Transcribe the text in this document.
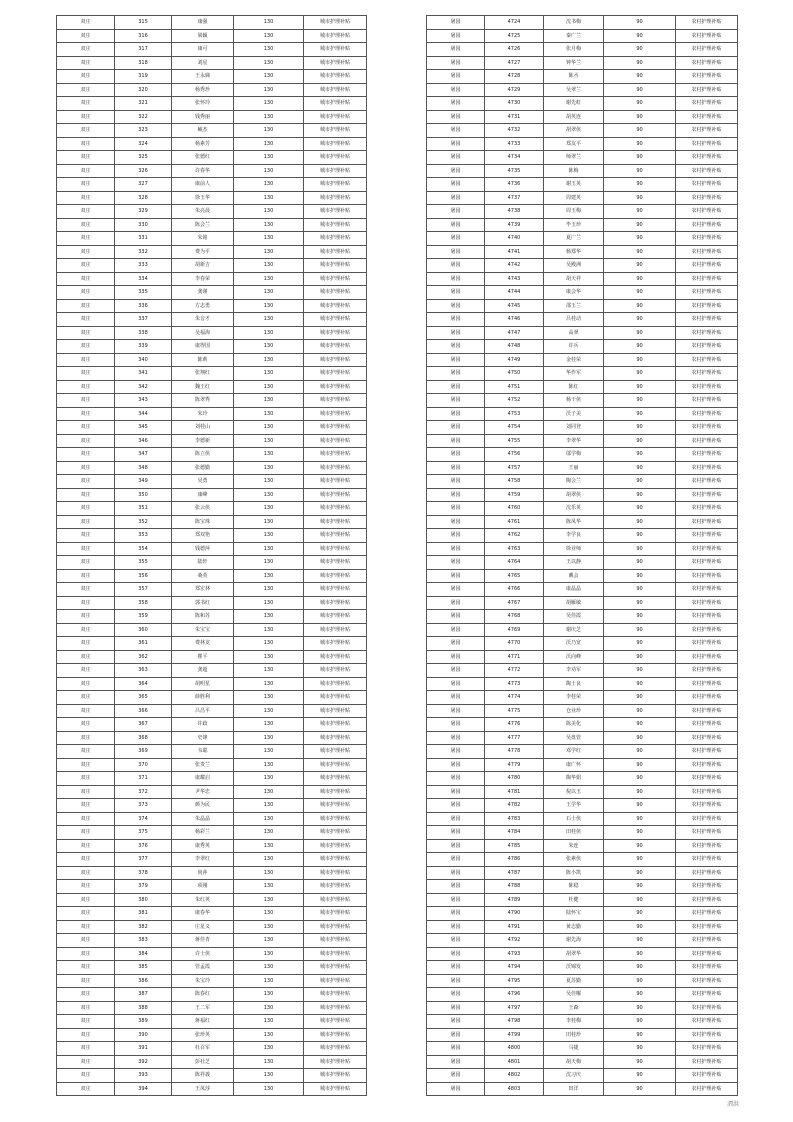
双庄	315	康强	130	城市护理补贴
双庄	316	梁颖	130	城市护理补贴
双庄	317	康可	130	城市护理补贴
双庄	318	刘星	130	城市护理补贴
双庄	319	王永娣	130	城市护理补贴
双庄	320	杨秀珍	130	城市护理补贴
双庄	321	张怀玲	130	城市护理补贴
双庄	322	钱秀丽	130	城市护理补贴
双庄	323	臧杰	130	城市护理补贴
双庄	324	杨素芳	130	城市护理补贴
双庄	325	张德红	130	城市护理补贴
双庄	326	许春华	130	城市护理补贴
双庄	327	康前人	130	城市护理补贴
双庄	328	徐玉华	130	城市护理补贴
双庄	329	朱亮晨	130	城市护理补贴
双庄	330	陈会兰	130	城市护理补贴
双庄	331	朱铭	130	城市护理补贴
双庄	332	费为平	130	城市护理补贴
双庄	333	胡新吉	130	城市护理补贴
双庄	334	李春荣	130	城市护理补贴
双庄	335	龚谨	130	城市护理补贴
双庄	336	方志勇	130	城市护理补贴
双庄	337	朱音才	130	城市护理补贴
双庄	338	吴福海	130	城市护理补贴
双庄	339	康得国	130	城市护理补贴
双庄	340	陈莉	130	城市护理补贴
双庄	341	张翔红	130	城市护理补贴
双庄	342	魏王红	130	城市护理补贴
双庄	343	陈翠秀	130	城市护理补贴
双庄	344	朱玲	130	城市护理补贴
双庄	345	刘桂山	130	城市护理补贴
双庄	346	李德新	130	城市护理补贴
双庄	347	陈立侠	130	城市护理补贴
双庄	348	张德勤	130	城市护理补贴
双庄	349	吴勇	130	城市护理补贴
双庄	350	康峰	130	城市护理补贴
双庄	351	张云侠	130	城市护理补贴
双庄	352	陈宝珠	130	城市护理补贴
双庄	353	郑双艳	130	城市护理补贴
双庄	354	钱德萍	130	城市护理补贴
双庄	355	陆轩	130	城市护理补贴
双庄	356	桑英	130	城市护理补贴
双庄	357	郑宏林	130	城市护理补贴
双庄	358	郭书红	130	城市护理补贴
双庄	359	陈和苏	130	城市护理补贴
双庄	360	朱宝宝	130	城市护理补贴
双庄	361	费林龙	130	城市护理补贴
双庄	362	瞿平	130	城市护理补贴
双庄	363	龚超	130	城市护理补贴
双庄	364	胡明星	130	城市护理补贴
双庄	365	薛胜利	130	城市护理补贴
双庄	366	吕昌平	130	城市护理补贴
双庄	367	许政	130	城市护理补贴
双庄	368	史锋	130	城市护理补贴
双庄	369	韦聪	130	城市护理补贴
双庄	370	张贵兰	130	城市护理补贴
双庄	371	康耀启	130	城市护理补贴
双庄	372	尹华忠	130	城市护理补贴
双庄	373	颜为民	130	城市护理补贴
双庄	374	朱晶晶	130	城市护理补贴
双庄	375	杨彩兰	130	城市护理补贴
双庄	376	康秀英	130	城市护理补贴
双庄	377	李翠红	130	城市护理补贴
双庄	378	尚萍	130	城市护理补贴
双庄	379	项刚	130	城市护理补贴
双庄	380	朱红英	130	城市护理补贴
双庄	381	康春华	130	城市护理补贴
双庄	382	庄星义	130	城市护理补贴
双庄	383	蒋佳青	130	城市护理补贴
双庄	384	许士侠	130	城市护理补贴
双庄	385	管孟霞	130	城市护理补贴
双庄	386	朱宝玲	130	城市护理补贴
双庄	387	陈春红	130	城市护理补贴
双庄	388	王二军	130	城市护理补贴
双庄	389	蒋福红	130	城市护理补贴
双庄	390	张珍英	130	城市护理补贴
双庄	391	杜召军	130	城市护理补贴
双庄	392	彭社芝	130	城市护理补贴
双庄	393	陈祥義	130	城市护理补贴
双庄	394	王凤莎	130	城市护理补贴
屠园	4724	沈书梅	90	农村护理补贴
屠园	4725	秦广兰	90	农村护理补贴
屠园	4726	张月梅	90	农村护理补贴
屠园	4727	钟华兰	90	农村护理补贴
屠园	4728	陈丞	90	农村护理补贴
屠园	4729	吴翠兰	90	农村护理补贴
屠园	4730	谢先虹	90	农村护理补贴
屠园	4731	胡英连	90	农村护理补贴
屠园	4732	胡翠侠	90	农村护理补贴
屠园	4733	郑友平	90	农村护理补贴
屠园	4734	师翠兰	90	农村护理补贴
屠园	4735	陈梅	90	农村护理补贴
屠园	4736	谢玉英	90	农村护理补贴
屠园	4737	周建英	90	农村护理补贴
屠园	4738	周玉梅	90	农村护理补贴
屠园	4739	毕玉珍	90	农村护理补贴
屠园	4740	夏广兰	90	农村护理补贴
屠园	4741	杨郑华	90	农村护理补贴
屠园	4742	吴殿洲	90	农村护理补贴
屠园	4743	胡天祥	90	农村护理补贴
屠园	4744	康会华	90	农村护理补贴
屠园	4745	邵玉兰	90	农村护理补贴
屠园	4746	吕桂动	90	农村护理补贴
屠园	4747	高翠	90	农村护理补贴
屠园	4748	许兵	90	农村护理补贴
屠园	4749	金桂荣	90	农村护理补贴
屠园	4750	华作军	90	农村护理补贴
屠园	4751	陈红	90	农村护理补贴
屠园	4752	杨干侠	90	农村护理补贴
屠园	4753	沃子美	90	农村护理补贴
屠园	4754	刘同登	90	农村护理补贴
屠园	4755	李翠华	90	农村护理补贴
屠园	4756	邬学梅	90	农村护理补贴
屠园	4757	王丽	90	农村护理补贴
屠园	4758	陶会兰	90	农村护理补贴
屠园	4759	胡翠侠	90	农村护理补贴
屠园	4760	沈乐英	90	农村护理补贴
屠园	4761	陈凤华	90	农村护理补贴
屠园	4762	李学良	90	农村护理补贴
屠园	4763	徐业师	90	农村护理补贴
屠园	4764	王以静	90	农村护理补贴
屠园	4765	戴会	90	农村护理补贴
屠园	4766	康晶晶	90	农村护理补贴
屠园	4767	胡雁敏	90	农村护理补贴
屠园	4768	吴佳霞	90	农村护理补贴
屠园	4769	谢庆芝	90	农村护理补贴
屠园	4770	沃乃宽	90	农村护理补贴
屠园	4771	沃向峰	90	农村护理补贴
屠园	4772	李劝军	90	农村护理补贴
屠园	4773	陶士良	90	农村护理补贴
屠园	4774	李桂荣	90	农村护理补贴
屠园	4775	仓业珍	90	农村护理补贴
屠园	4776	陈美化	90	农村护理补贴
屠园	4777	吴盘管	90	农村护理补贴
屠园	4778	邓学红	90	农村护理补贴
屠园	4779	康广怀	90	农村护理补贴
屠园	4780	陶华娟	90	农村护理补贴
屠园	4781	倪以玉	90	农村护理补贴
屠园	4782	王学华	90	农村护理补贴
屠园	4783	石士侠	90	农村护理补贴
屠园	4784	田桂侠	90	农村护理补贴
屠园	4785	朱连	90	农村护理补贴
屠园	4786	张素侠	90	农村护理补贴
屠园	4787	陈小凯	90	农村护理补贴
屠园	4788	陈稳	90	农村护理补贴
屠园	4789	杜健	90	农村护理补贴
屠园	4790	陆怀宝	90	农村护理补贴
屠园	4791	黄志勤	90	农村护理补贴
屠园	4792	谢先海	90	农村护理补贴
屠园	4793	胡翠华	90	农村护理补贴
屠园	4794	沃锦发	90	农村护理补贴
屠园	4795	夏苏勤	90	农村护理补贴
屠园	4796	吴佳曜	90	农村护理补贴
屠园	4797	王森	90	农村护理补贴
屠园	4798	李桂梅	90	农村护理补贴
屠园	4799	田桂珍	90	农村护理补贴
屠园	4800	马捷	90	农村护理补贴
屠园	4801	胡天梅	90	农村护理补贴
屠园	4802	沈习庆	90	农村护理补贴
屠园	4803	田洋	90	农村护理补贴
泗洪
